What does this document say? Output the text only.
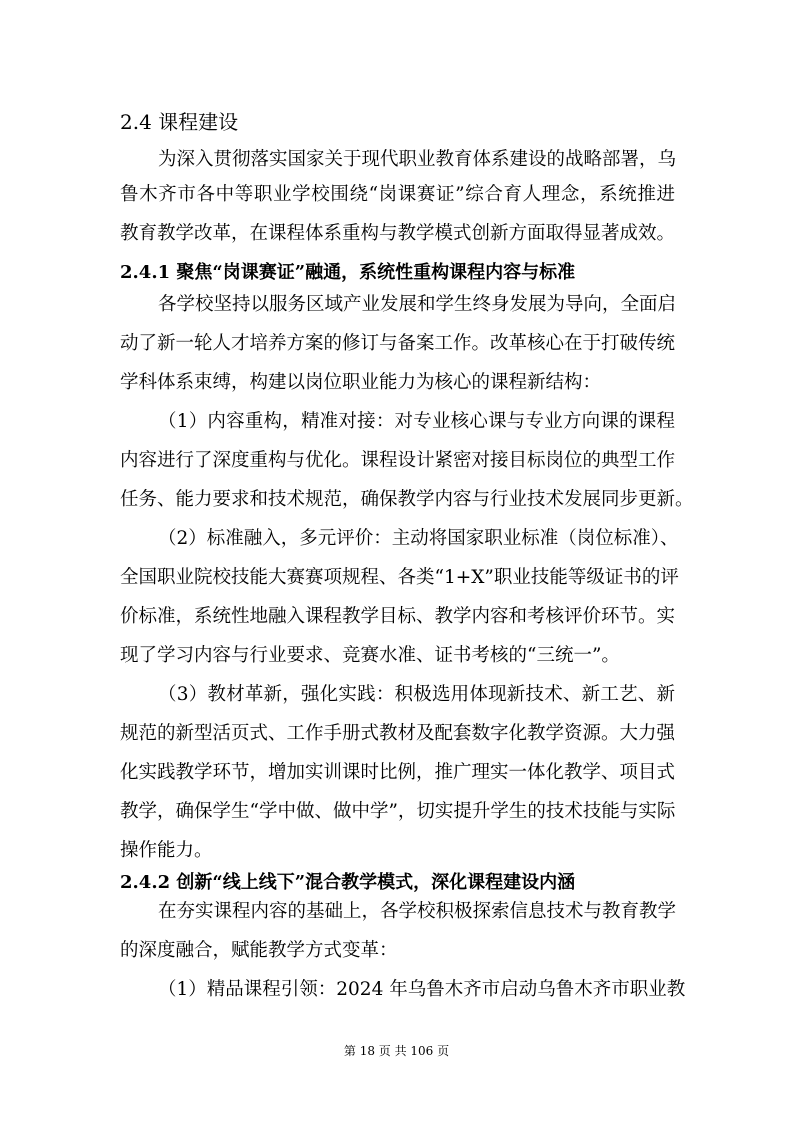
2.4 课程建设
为深入贯彻落实国家关于现代职业教育体系建设的战略部署，乌
鲁木齐市各中等职业学校围绕“岗课赛证”综合育人理念，系统推进
教育教学改革，在课程体系重构与教学模式创新方面取得显著成效。
2.4.1 聚焦“岗课赛证”融通，系统性重构课程内容与标准
各学校坚持以服务区域产业发展和学生终身发展为导向，全面启
动了新一轮人才培养方案的修订与备案工作。改革核心在于打破传统
学科体系束缚，构建以岗位职业能力为核心的课程新结构：
（1）内容重构，精准对接：对专业核心课与专业方向课的课程
内容进行了深度重构与优化。课程设计紧密对接目标岗位的典型工作
任务、能力要求和技术规范，确保教学内容与行业技术发展同步更新。
（2）标准融入，多元评价：主动将国家职业标准（岗位标准）、
全国职业院校技能大赛赛项规程、各类“1+X”职业技能等级证书的评
价标准，系统性地融入课程教学目标、教学内容和考核评价环节。实
现了学习内容与行业要求、竞赛水准、证书考核的“三统一”。
（3）教材革新，强化实践：积极选用体现新技术、新工艺、新
规范的新型活页式、工作手册式教材及配套数字化教学资源。大力强
化实践教学环节，增加实训课时比例，推广理实一体化教学、项目式
教学，确保学生“学中做、做中学”，切实提升学生的技术技能与实际
操作能力。
2.4.2 创新“线上线下”混合教学模式，深化课程建设内涵
在夯实课程内容的基础上，各学校积极探索信息技术与教育教学
的深度融合，赋能教学方式变革：
（1）精品课程引领：2024 年乌鲁木齐市启动乌鲁木齐市职业教
第 18 页 共 106 页
